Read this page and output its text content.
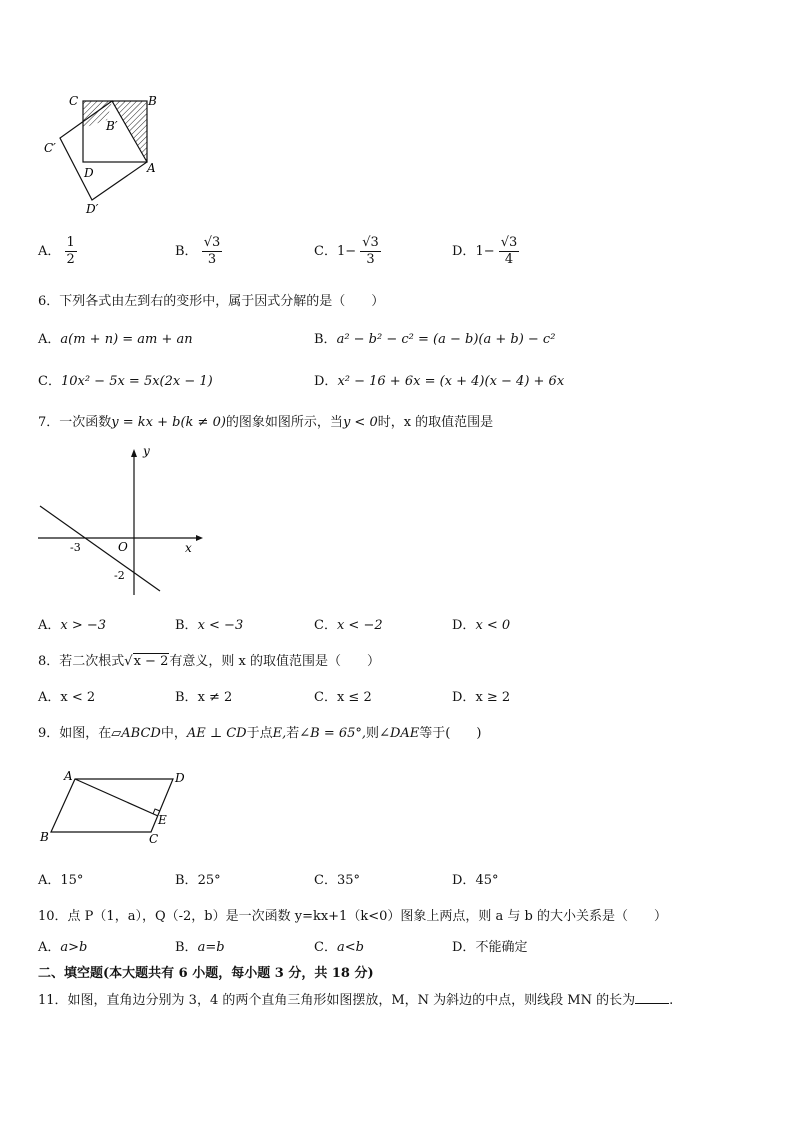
C	B
B′
C′
D	A
D′
A． $\frac{1}{2}$	B． $\frac{√3}{3}$	C．$1- \frac{√3}{3}$	D．$1- \frac{√3}{4}$
6．下列各式由左到右的变形中，属于因式分解的是（　　）
A．a(m + n) = am + an	B．a² − b² − c² = (a − b)(a + b) − c²
C．10x² − 5x = 5x(2x − 1)	D．x² − 16 + 6x = (x + 4)(x − 4) + 6x
7．一次函数y = kx + b(k ≠ 0)的图象如图所示，当y < 0时，x 的取值范围是
y
x
O
-3
-2
A．x > −3	B．x < −3	C．x < −2	D．x < 0
8．若二次根式√x − 2有意义，则 x 的取值范围是（　　）
A．x < 2	B．x ≠ 2	C．x ≤ 2	D．x ≥ 2
9．如图，在▱ABCD中，AE ⊥ CD于点E,若∠B = 65°,则∠DAE等于(　　)
A	D
B	C
E
A．15°	B．25°	C．35°	D．45°
10．点 P（1，a），Q（-2，b）是一次函数 y=kx+1（k<0）图象上两点，则 a 与 b 的大小关系是（　　）
A．a>b	B．a=b	C．a<b	D．不能确定
二、填空题(本大题共有 6 小题，每小题 3 分，共 18 分)
11．如图，直角边分别为 3，4 的两个直角三角形如图摆放，M，N 为斜边的中点，则线段 MN 的长为	.
